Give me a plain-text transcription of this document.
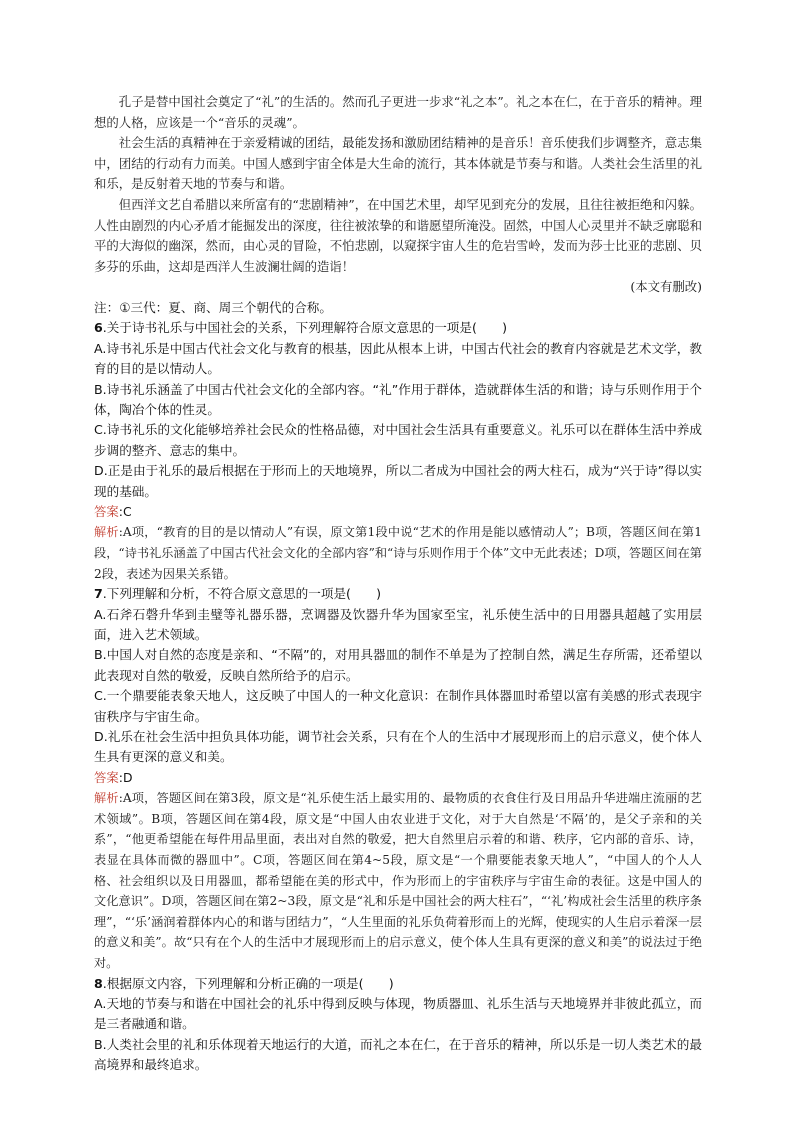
孔子是替中国社会奠定了“礼”的生活的。然而孔子更进一步求“礼之本”。礼之本在仁，在于音乐的精神。理想的人格，应该是一个“音乐的灵魂”。

社会生活的真精神在于亲爱精诚的团结，最能发扬和激励团结精神的是音乐！音乐使我们步调整齐，意志集中，团结的行动有力而美。中国人感到宇宙全体是大生命的流行，其本体就是节奏与和谐。人类社会生活里的礼和乐，是反射着天地的节奏与和谐。

但西洋文艺自希腊以来所富有的“悲剧精神”，在中国艺术里，却罕见到充分的发展，且往往被拒绝和闪躲。人性由剧烈的内心矛盾才能掘发出的深度，往往被浓挚的和谐愿望所淹没。固然，中国人心灵里并不缺乏廓聪和平的大海似的幽深，然而，由心灵的冒险，不怕悲剧，以窥探宇宙人生的危岩雪岭，发而为莎士比亚的悲剧、贝多芬的乐曲，这却是西洋人生波澜壮阔的造诣！

(本文有删改)

注：①三代：夏、商、周三个朝代的合称。

6.关于诗书礼乐与中国社会的关系，下列理解符合原文意思的一项是(　　)

A.诗书礼乐是中国古代社会文化与教育的根基，因此从根本上讲，中国古代社会的教育内容就是艺术文学，教育的目的是以情动人。

B.诗书礼乐涵盖了中国古代社会文化的全部内容。“礼”作用于群体，造就群体生活的和谐；诗与乐则作用于个体，陶冶个体的性灵。

C.诗书礼乐的文化能够培养社会民众的性格品德，对中国社会生活具有重要意义。礼乐可以在群体生活中养成步调的整齐、意志的集中。

D.正是由于礼乐的最后根据在于形而上的天地境界，所以二者成为中国社会的两大柱石，成为“兴于诗”得以实现的基础。

答案:C

解析:A项，“教育的目的是以情动人”有误，原文第1段中说“艺术的作用是能以感情动人”；B项，答题区间在第1段，“诗书礼乐涵盖了中国古代社会文化的全部内容”和“诗与乐则作用于个体”文中无此表述；D项，答题区间在第2段，表述为因果关系错。

7.下列理解和分析，不符合原文意思的一项是(　　)

A.石斧石磬升华到圭璧等礼器乐器，烹调器及饮器升华为国家至宝，礼乐使生活中的日用器具超越了实用层面，进入艺术领域。

B.中国人对自然的态度是亲和、“不隔”的，对用具器皿的制作不单是为了控制自然，满足生存所需，还希望以此表现对自然的敬爱，反映自然所给予的启示。

C.一个鼎要能表象天地人，这反映了中国人的一种文化意识：在制作具体器皿时希望以富有美感的形式表现宇宙秩序与宇宙生命。

D.礼乐在社会生活中担负具体功能，调节社会关系，只有在个人的生活中才展现形而上的启示意义，使个体人生具有更深的意义和美。

答案:D

解析:A项，答题区间在第3段，原文是“礼乐使生活上最实用的、最物质的衣食住行及日用品升华进端庄流丽的艺术领域”。B项，答题区间在第4段，原文是“中国人由农业进于文化，对于大自然是‘不隔’的，是父子亲和的关系”，“他更希望能在每件用品里面，表出对自然的敬爱，把大自然里启示着的和谐、秩序，它内部的音乐、诗，表显在具体而微的器皿中”。C项，答题区间在第4~5段，原文是“一个鼎要能表象天地人”，“中国人的个人人格、社会组织以及日用器皿，都希望能在美的形式中，作为形而上的宇宙秩序与宇宙生命的表征。这是中国人的文化意识”。D项，答题区间在第2~3段，原文是“礼和乐是中国社会的两大柱石”，“‘礼’构成社会生活里的秩序条理”，“‘乐’涵润着群体内心的和谐与团结力”，“人生里面的礼乐负荷着形而上的光辉，使现实的人生启示着深一层的意义和美”。故“只有在个人的生活中才展现形而上的启示意义，使个体人生具有更深的意义和美”的说法过于绝对。

8.根据原文内容，下列理解和分析正确的一项是(　　)

A.天地的节奏与和谐在中国社会的礼乐中得到反映与体现，物质器皿、礼乐生活与天地境界并非彼此孤立，而是三者融通和谐。

B.人类社会里的礼和乐体现着天地运行的大道，而礼之本在仁，在于音乐的精神，所以乐是一切人类艺术的最高境界和最终追求。
